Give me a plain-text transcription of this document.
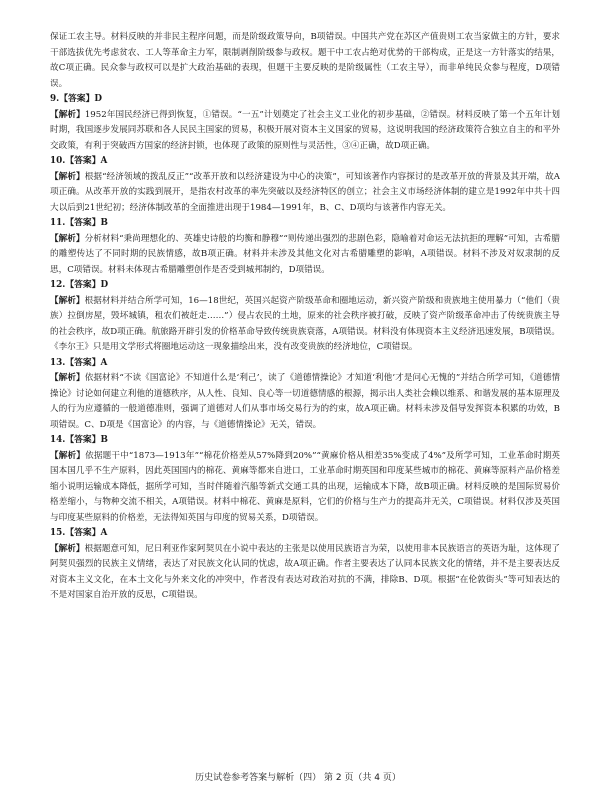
保证工农主导。材料反映的并非民主程序问题，而是阶级政策导向，B项错误。中国共产党在苏区产值贵则工农当家做主的方针，要求干部选拔优先考虑贫农、工人等革命主力军，限制剥削阶级参与政权。题干中工农占绝对优势的干部构成，正是这一方针落实的结果，故C项正确。民众参与政权可以是扩大政治基础的表现，但题干主要反映的是阶级属性（工农主导），而非单纯民众参与程度，D项错误。

9.【答案】D

【解析】1952年国民经济已得到恢复，①错误。“一五”计划奠定了社会主义工业化的初步基础，②错误。材料反映了第一个五年计划时期，我国逐步发展同苏联和各人民民主国家的贸易，积极开展对资本主义国家的贸易，这说明我国的经济政策符合独立自主的和平外交政策，有利于突破西方国家的经济封锁，也体现了政策的原则性与灵活性，③④正确，故D项正确。

10.【答案】A

【解析】根据“经济领域的拨乱反正”“改革开放和以经济建设为中心的决策”，可知该著作内容探讨的是改革开放的背景及其开端，故A项正确。从改革开放的实践到展开，是指农村改革的率先突破以及经济特区的创立；社会主义市场经济体制的建立是1992年中共十四大以后到21世纪初；经济体制改革的全面推进出现于1984—1991年，B、C、D项均与该著作内容无关。

11.【答案】B

【解析】分析材料“秉尚理想化的、英雄史诗般的均衡和静穆”“则传递出强烈的悲剧色彩，隐喻着对命运无法抗拒的理解”可知，古希腊的雕塑传达了不同时期的民族情感，故B项正确。材料并未涉及其他文化对古希腊雕塑的影响，A项错误。材料不涉及对奴隶制的反思，C项错误。材料未体现古希腊雕塑创作是否受到城邦制约，D项错误。

12.【答案】D

【解析】根据材料并结合所学可知，16—18世纪，英国兴起资产阶级革命和圈地运动，新兴资产阶级和贵族地主使用暴力（“他们（贵族）拉倒房屋，毁坏城镇，租农们被赶走……”）侵占农民的土地，原来的社会秩序被打破，反映了资产阶级革命冲击了传统贵族主导的社会秩序，故D项正确。航旅路开辟引发的价格革命导致传统贵族衰落，A项错误。材料没有体现资本主义经济迅速发展，B项错误。《李尔王》只是用文学形式将圈地运动这一现象描绘出来，没有改变贵族的经济地位，C项错误。

13.【答案】A

【解析】依据材料“不读《国富论》不知道什么是‘利己’，读了《道德情操论》才知道‘利他’才是问心无愧的”并结合所学可知，《道德情操论》讨论如何建立利他的道德秩序，从人性、良知、良心等一切道德情感的根源，揭示出人类社会赖以维系、和谐发展的基本原理及人的行为应遵循的一般道德准则，强调了道德对人们从事市场交易行为的约束，故A项正确。材料未涉及倡导发挥资本积累的功效，B项错误。C、D项是《国富论》的内容，与《道德情操论》无关，错误。

14.【答案】B

【解析】依据题干中“1873—1913年”“棉花价格差从57%降到20%”“黄麻价格从相差35%变成了4%”及所学可知，工业革命时期英国本国几乎不生产原料，因此英国国内的棉花、黄麻等都来自进口，工业革命时期英国和印度某些城市的棉花、黄麻等原料产品价格差缩小说明运输成本降低，据所学可知，当时伴随着汽船等新式交通工具的出现，运输成本下降，故B项正确。材料反映的是国际贸易价格差缩小，与物种交流不相关，A项错误。材料中棉花、黄麻是原料，它们的价格与生产力的提高并无关，C项错误。材料仅涉及英国与印度某些原料的价格差，无法得知英国与印度的贸易关系，D项错误。

15.【答案】A

【解析】根据题意可知，尼日利亚作家阿契贝在小说中表达的主张是以使用民族语言为荣，以使用非本民族语言的英语为耻，这体现了阿契贝强烈的民族主义情绪，表达了对民族文化认同的忧虑，故A项正确。作者主要表达了认同本民族文化的情绪，并不是主要表达反对资本主义文化，在本土文化与外来文化的冲突中，作者没有表达对政治对抗的不满，排除B、D项。根据“在伦敦街头”等可知表达的不是对国家自治开放的反思，C项错误。

历史试卷参考答案与解析（四） 第 2 页（共 4 页）
